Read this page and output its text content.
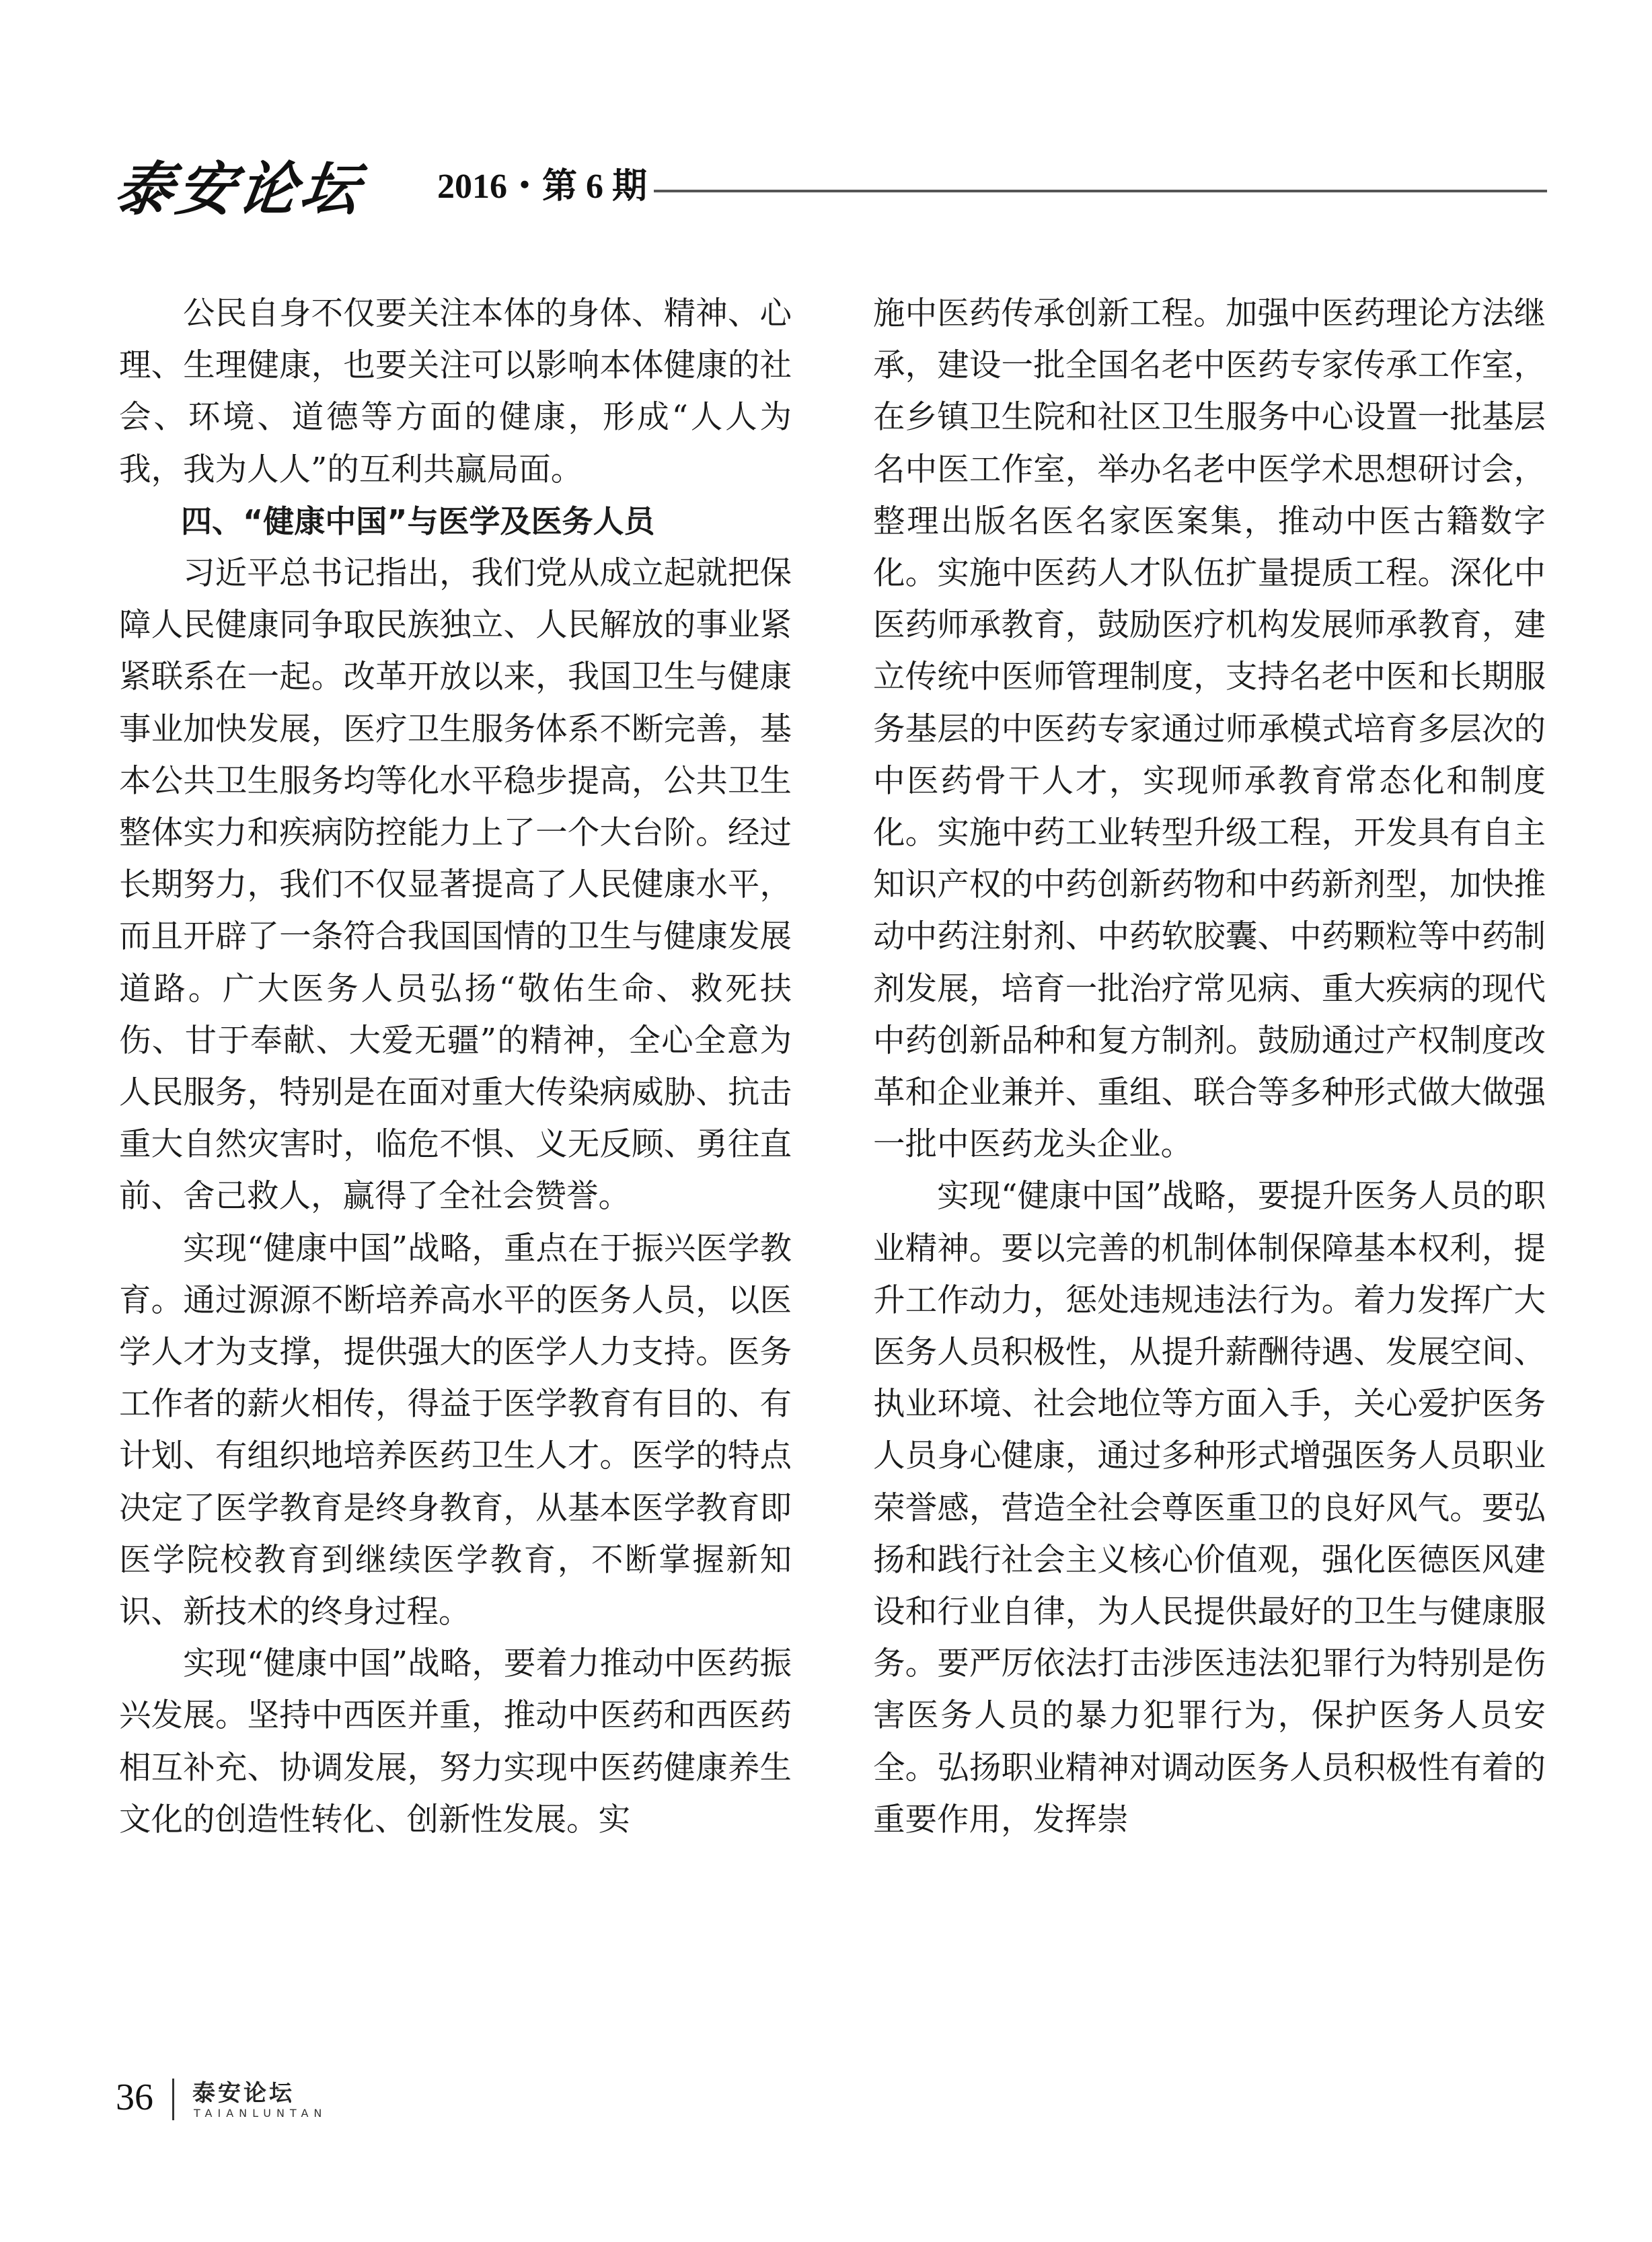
泰安论坛 2016・第 6 期

公民自身不仅要关注本体的身体、精神、心理、生理健康，也要关注可以影响本体健康的社会、环境、道德等方面的健康，形成“人人为我，我为人人”的互利共赢局面。

四、“健康中国”与医学及医务人员

习近平总书记指出，我们党从成立起就把保障人民健康同争取民族独立、人民解放的事业紧紧联系在一起。改革开放以来，我国卫生与健康事业加快发展，医疗卫生服务体系不断完善，基本公共卫生服务均等化水平稳步提高，公共卫生整体实力和疾病防控能力上了一个大台阶。经过长期努力，我们不仅显著提高了人民健康水平，而且开辟了一条符合我国国情的卫生与健康发展道路。广大医务人员弘扬“敬佑生命、救死扶伤、甘于奉献、大爱无疆”的精神，全心全意为人民服务，特别是在面对重大传染病威胁、抗击重大自然灾害时，临危不惧、义无反顾、勇往直前、舍己救人，赢得了全社会赞誉。

实现“健康中国”战略，重点在于振兴医学教育。通过源源不断培养高水平的医务人员，以医学人才为支撑，提供强大的医学人力支持。医务工作者的薪火相传，得益于医学教育有目的、有计划、有组织地培养医药卫生人才。医学的特点决定了医学教育是终身教育，从基本医学教育即医学院校教育到继续医学教育，不断掌握新知识、新技术的终身过程。

实现“健康中国”战略，要着力推动中医药振兴发展。坚持中西医并重，推动中医药和西医药相互补充、协调发展，努力实现中医药健康养生文化的创造性转化、创新性发展。实

施中医药传承创新工程。加强中医药理论方法继承，建设一批全国名老中医药专家传承工作室，在乡镇卫生院和社区卫生服务中心设置一批基层名中医工作室，举办名老中医学术思想研讨会，整理出版名医名家医案集，推动中医古籍数字化。实施中医药人才队伍扩量提质工程。深化中医药师承教育，鼓励医疗机构发展师承教育，建立传统中医师管理制度，支持名老中医和长期服务基层的中医药专家通过师承模式培育多层次的中医药骨干人才，实现师承教育常态化和制度化。实施中药工业转型升级工程，开发具有自主知识产权的中药创新药物和中药新剂型，加快推动中药注射剂、中药软胶囊、中药颗粒等中药制剂发展，培育一批治疗常见病、重大疾病的现代中药创新品种和复方制剂。鼓励通过产权制度改革和企业兼并、重组、联合等多种形式做大做强一批中医药龙头企业。

实现“健康中国”战略，要提升医务人员的职业精神。要以完善的机制体制保障基本权利，提升工作动力，惩处违规违法行为。着力发挥广大医务人员积极性，从提升薪酬待遇、发展空间、执业环境、社会地位等方面入手，关心爱护医务人员身心健康，通过多种形式增强医务人员职业荣誉感，营造全社会尊医重卫的良好风气。要弘扬和践行社会主义核心价值观，强化医德医风建设和行业自律，为人民提供最好的卫生与健康服务。要严厉依法打击涉医违法犯罪行为特别是伤害医务人员的暴力犯罪行为，保护医务人员安全。弘扬职业精神对调动医务人员积极性有着的重要作用，发挥崇

36 泰安论坛
TAIANLUNTAN
